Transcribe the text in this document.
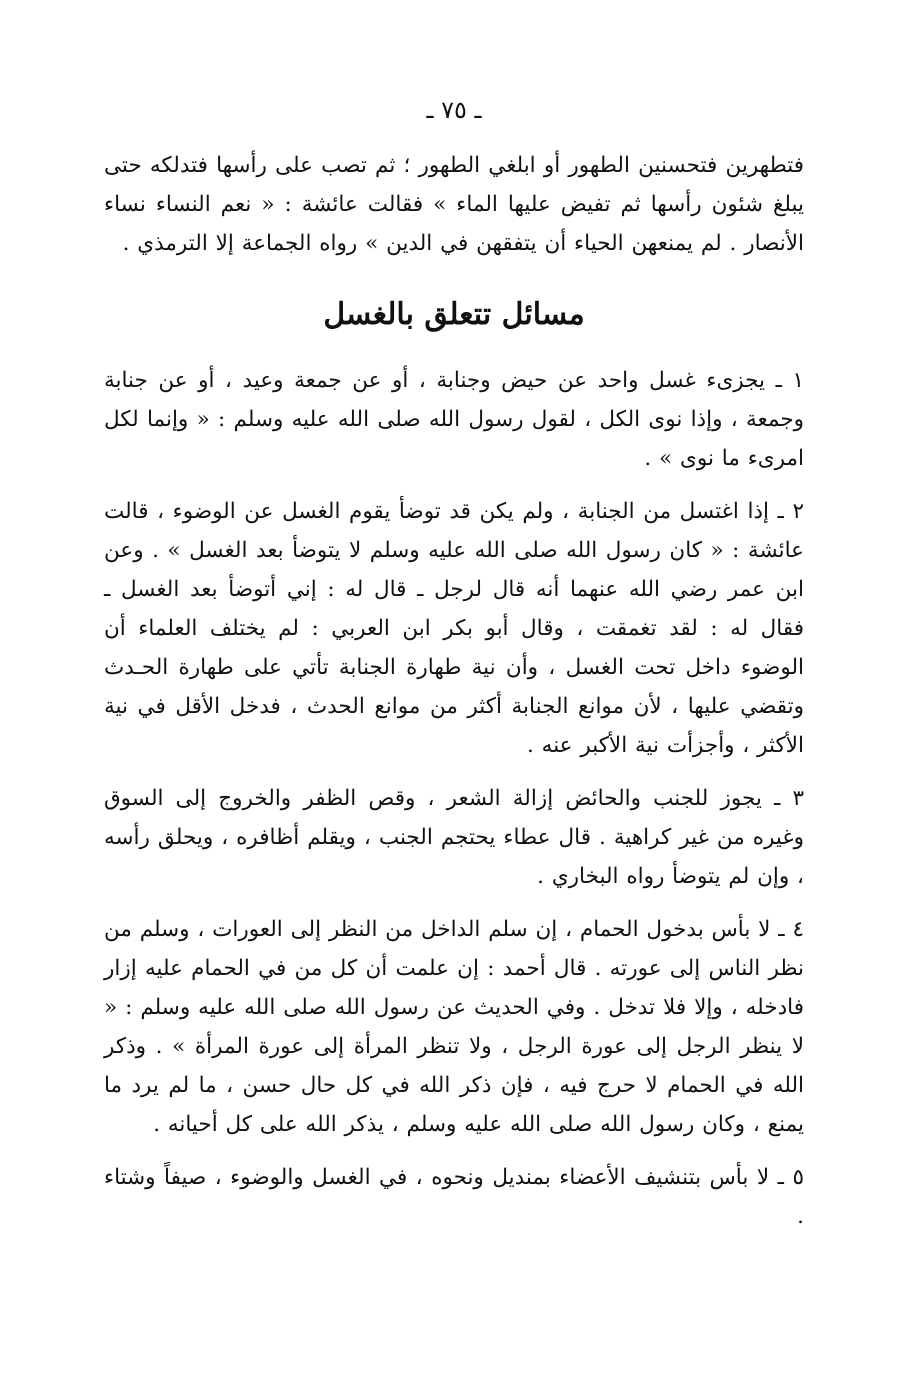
ـ ٧٥ ـ

فتطهرين فتحسنين الطهور أو ابلغي الطهور ؛ ثم تصب على رأسها فتدلكه حتى يبلغ شئون رأسها ثم تفيض عليها الماء » فقالت عائشة : « نعم النساء نساء الأنصار . لم يمنعهن الحياء أن يتفقهن في الدين » رواه الجماعة إلا الترمذي .

مسائل تتعلق بالغسل

١ ـ يجزىء غسل واحد عن حيض وجنابة ، أو عن جمعة وعيد ، أو عن جنابة وجمعة ، وإذا نوى الكل ، لقول رسول الله صلى الله عليه وسلم : « وإنما لكل امرىء ما نوى » .

٢ ـ إذا اغتسل من الجنابة ، ولم يكن قد توضأ يقوم الغسل عن الوضوء ، قالت عائشة : « كان رسول الله صلى الله عليه وسلم لا يتوضأ بعد الغسل » . وعن ابن عمر رضي الله عنهما أنه قال لرجل ـ قال له : إني أتوضأ بعد الغسل ـ فقال له : لقد تغمقت ، وقال أبو بكر ابن العربي : لم يختلف العلماء أن الوضوء داخل تحت الغسل ، وأن نية طهارة الجنابة تأتي على طهارة الحـدث وتقضي عليها ، لأن موانع الجنابة أكثر من موانع الحدث ، فدخل الأقل في نية الأكثر ، وأجزأت نية الأكبر عنه .

٣ ـ يجوز للجنب والحائض إزالة الشعر ، وقص الظفر والخروج إلى السوق وغيره من غير كراهية . قال عطاء يحتجم الجنب ، ويقلم أظافره ، ويحلق رأسه ، وإن لم يتوضأ رواه البخاري .

٤ ـ لا بأس بدخول الحمام ، إن سلم الداخل من النظر إلى العورات ، وسلم من نظر الناس إلى عورته . قال أحمد : إن علمت أن كل من في الحمام عليه إزار فادخله ، وإلا فلا تدخل . وفي الحديث عن رسول الله صلى الله عليه وسلم : « لا ينظر الرجل إلى عورة الرجل ، ولا تنظر المرأة إلى عورة المرأة » . وذكر الله في الحمام لا حرج فيه ، فإن ذكر الله في كل حال حسن ، ما لم يرد ما يمنع ، وكان رسول الله صلى الله عليه وسلم ، يذكر الله على كل أحيانه .

٥ ـ لا بأس بتنشيف الأعضاء بمنديل ونحوه ، في الغسل والوضوء ، صيفاً وشتاء .
